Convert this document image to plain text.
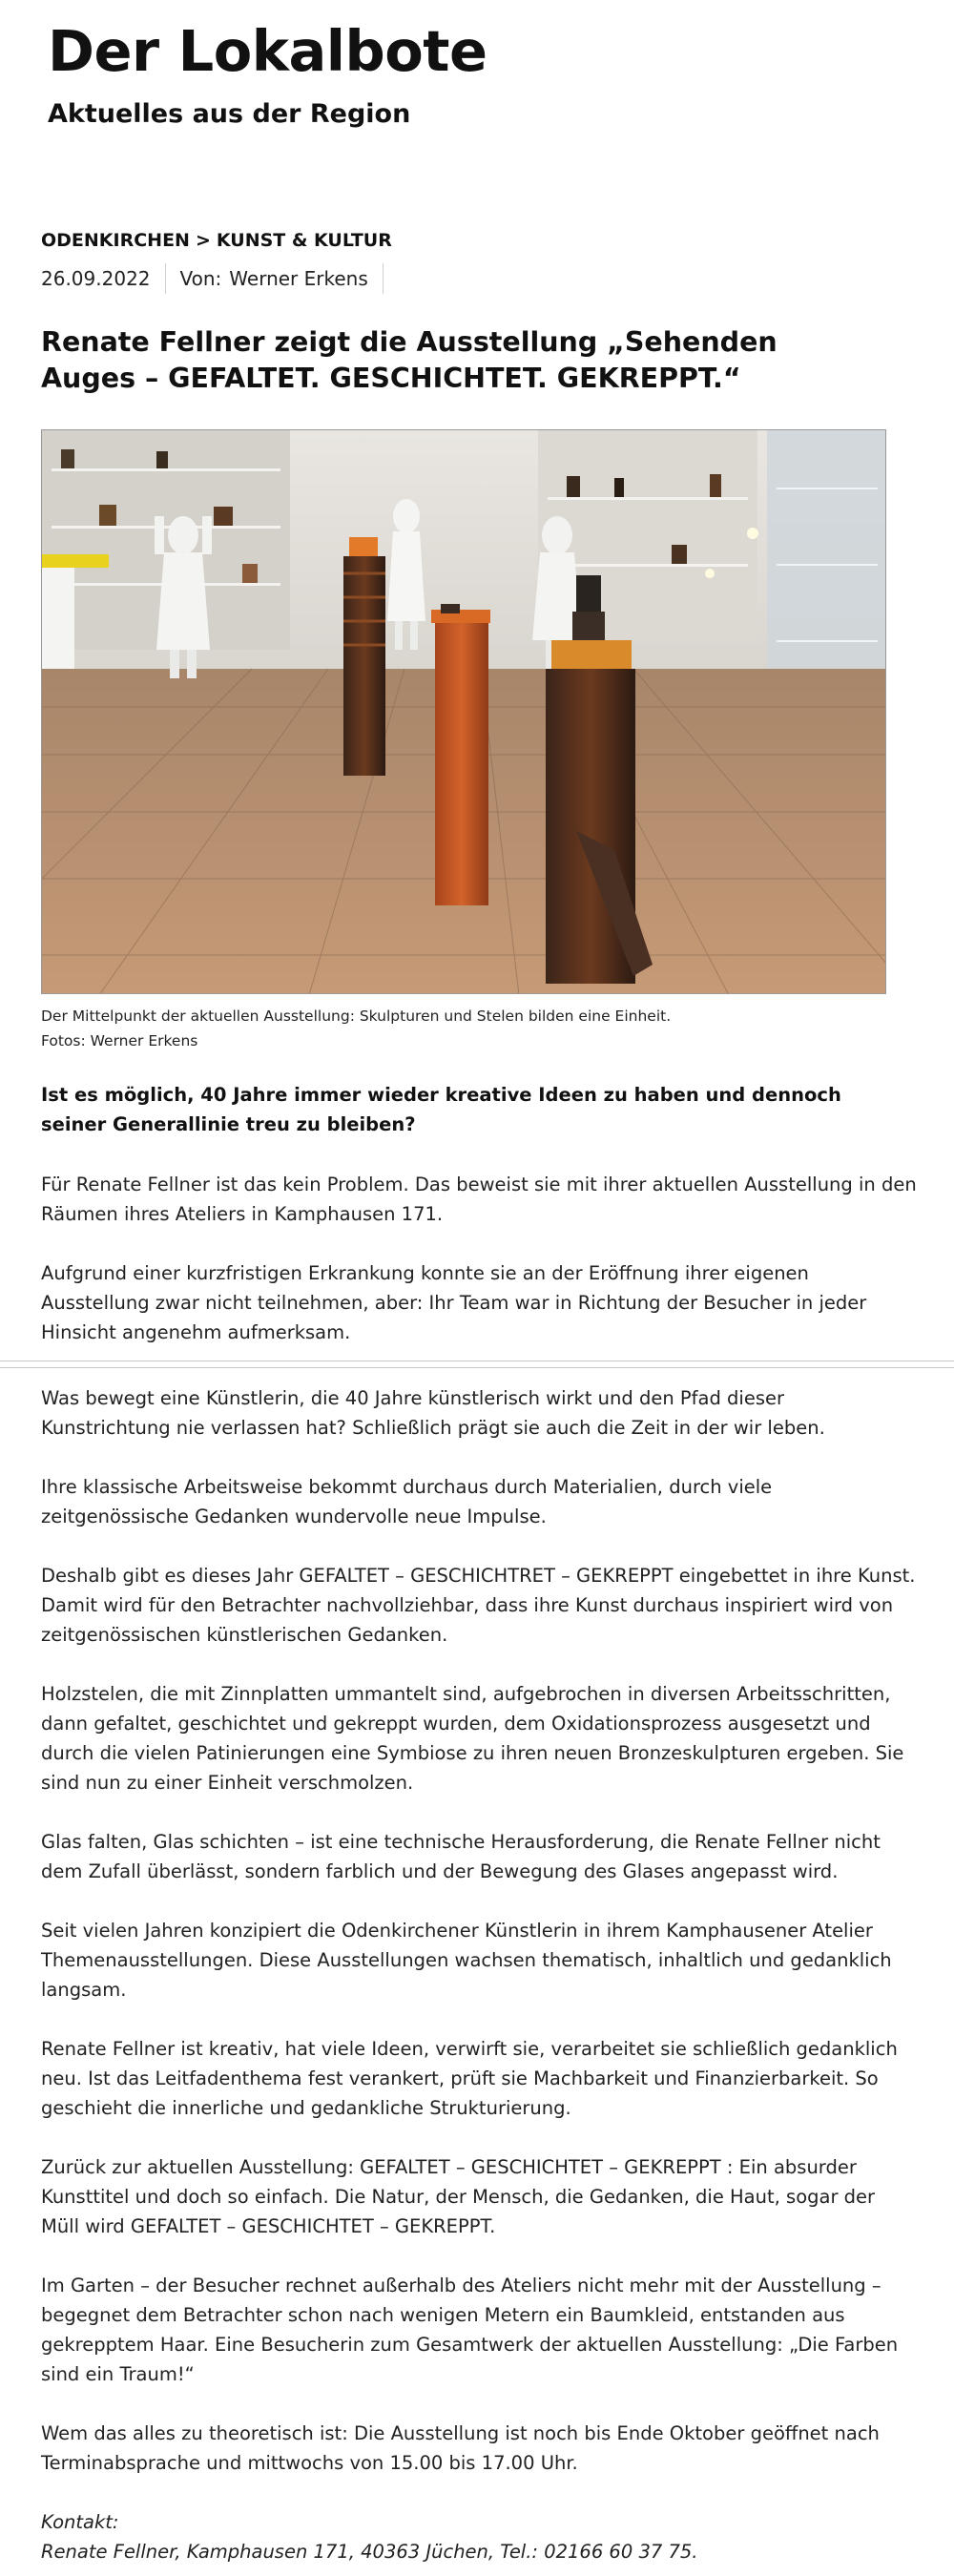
Der Lokalbote
Aktuelles aus der Region
ODENKIRCHEN > KUNST & KULTUR
26.09.2022 Von: Werner Erkens
Renate Fellner zeigt die Ausstellung „Sehenden Auges – GEFALTET. GESCHICHTET. GEKREPPT.“
Der Mittelpunkt der aktuellen Ausstellung: Skulpturen und Stelen bilden eine Einheit.
Fotos: Werner Erkens

Ist es möglich, 40 Jahre immer wieder kreative Ideen zu haben und dennoch seiner Generallinie treu zu bleiben?

Für Renate Fellner ist das kein Problem. Das beweist sie mit ihrer aktuellen Ausstellung in den Räumen ihres Ateliers in Kamphausen 171.

Aufgrund einer kurzfristigen Erkrankung konnte sie an der Eröffnung ihrer eigenen Ausstellung zwar nicht teilnehmen, aber: Ihr Team war in Richtung der Besucher in jeder Hinsicht angenehm aufmerksam.

Was bewegt eine Künstlerin, die 40 Jahre künstlerisch wirkt und den Pfad dieser Kunstrichtung nie verlassen hat? Schließlich prägt sie auch die Zeit in der wir leben.

Ihre klassische Arbeitsweise bekommt durchaus durch Materialien, durch viele zeitgenössische Gedanken wundervolle neue Impulse.

Deshalb gibt es dieses Jahr GEFALTET – GESCHICHTRET – GEKREPPT eingebettet in ihre Kunst. Damit wird für den Betrachter nachvollziehbar, dass ihre Kunst durchaus inspiriert wird von zeitgenössischen künstlerischen Gedanken.

Holzstelen, die mit Zinnplatten ummantelt sind, aufgebrochen in diversen Arbeitsschritten, dann gefaltet, geschichtet und gekreppt wurden, dem Oxidationsprozess ausgesetzt und durch die vielen Patinierungen eine Symbiose zu ihren neuen Bronzeskulpturen ergeben. Sie sind nun zu einer Einheit verschmolzen.

Glas falten, Glas schichten – ist eine technische Herausforderung, die Renate Fellner nicht dem Zufall überlässt, sondern farblich und der Bewegung des Glases angepasst wird.

Seit vielen Jahren konzipiert die Odenkirchener Künstlerin in ihrem Kamphausener Atelier Themenausstellungen. Diese Ausstellungen wachsen thematisch, inhaltlich und gedanklich langsam.

Renate Fellner ist kreativ, hat viele Ideen, verwirft sie, verarbeitet sie schließlich gedanklich neu. Ist das Leitfadenthema fest verankert, prüft sie Machbarkeit und Finanzierbarkeit. So geschieht die innerliche und gedankliche Strukturierung.

Zurück zur aktuellen Ausstellung: GEFALTET – GESCHICHTET – GEKREPPT : Ein absurder Kunsttitel und doch so einfach. Die Natur, der Mensch, die Gedanken, die Haut, sogar der Müll wird GEFALTET – GESCHICHTET – GEKREPPT.

Im Garten – der Besucher rechnet außerhalb des Ateliers nicht mehr mit der Ausstellung – begegnet dem Betrachter schon nach wenigen Metern ein Baumkleid, entstanden aus gekrepptem Haar. Eine Besucherin zum Gesamtwerk der aktuellen Ausstellung: „Die Farben sind ein Traum!“

Wem das alles zu theoretisch ist: Die Ausstellung ist noch bis Ende Oktober geöffnet nach Terminabsprache und mittwochs von 15.00 bis 17.00 Uhr.

Kontakt:
Renate Fellner, Kamphausen 171, 40363 Jüchen, Tel.: 02166 60 37 75.
